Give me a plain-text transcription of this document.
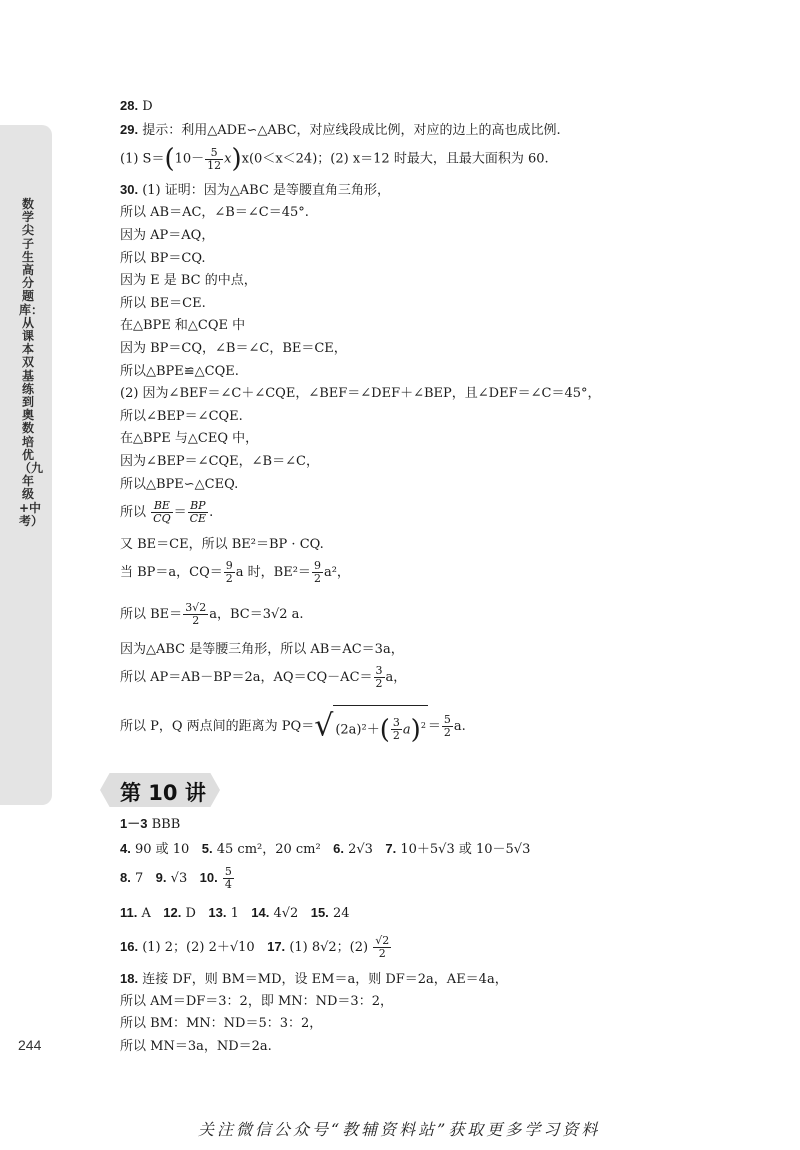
数学尖子生高分题库：从课本双基练到奥数培优（九年级+中考）
244
28. D
29. 提示：利用△ADE∽△ABC，对应线段成比例，对应的边上的高也成比例.
(1) $S=(10- \frac{5}{12} x)x(0<x<24)$；(2) x＝12 时最大，且最大面积为 60.
30. (1) 证明：因为△ABC 是等腰直角三角形，
所以 AB＝AC，∠B＝∠C＝45°.
因为 AP＝AQ，
所以 BP＝CQ.
因为 E 是 BC 的中点，
所以 BE＝CE.
在△BPE 和△CQE 中
因为 BP＝CQ，∠B＝∠C，BE＝CE，
所以△BPE≌△CQE.
(2) 因为∠BEF＝∠C＋∠CQE，∠BEF＝∠DEF＋∠BEP，且∠DEF＝∠C＝45°，
所以∠BEP＝∠CQE.
在△BPE 与△CEQ 中，
因为∠BEP＝∠CQE，∠B＝∠C，
所以△BPE∽△CEQ.
所以 $\frac{BE}{CQ} = \frac{BP}{CE}$ .
又 BE＝CE，所以 BE²＝BP · CQ.
当 BP＝a，$CQ= \frac{9}{2}$ a 时，$BE^2= \frac{9}{2} a^2$，
所以 $BE= \frac{3√2}{2}$ a，BC＝3√2 a.
因为△ABC 是等腰三角形，所以 AB＝AC＝3a，
所以 AP＝AB－BP＝2a，$AQ=CQ-AC= \frac{3}{2}$ a，
所以 P，Q 两点间的距离为 PQ＝√ $(2a)^2+( \frac{3}{2} a)^2 = \frac{5}{2} a$.
第 10 讲
1－3 BBB
4. 90 或 10 5. 45 cm²，20 cm² 6. 2√3 7. 10＋5√3 或 10－5√3
8. 7 9. √3 10. $\frac{5}{4}$
11. A 12. D 13. 1 14. 4√2 15. 24
16. (1) 2；(2) 2＋√10 17. (1) 8√2；$(2) \frac{√2}{2}$
18. 连接 DF，则 BM＝MD，设 EM＝a，则 DF＝2a，AE＝4a，
所以 AM＝DF＝3：2，即 MN：ND＝3：2，
所以 BM：MN：ND＝5：3：2，
所以 MN＝3a，ND＝2a.
关注微信公众号“教辅资料站”获取更多学习资料
